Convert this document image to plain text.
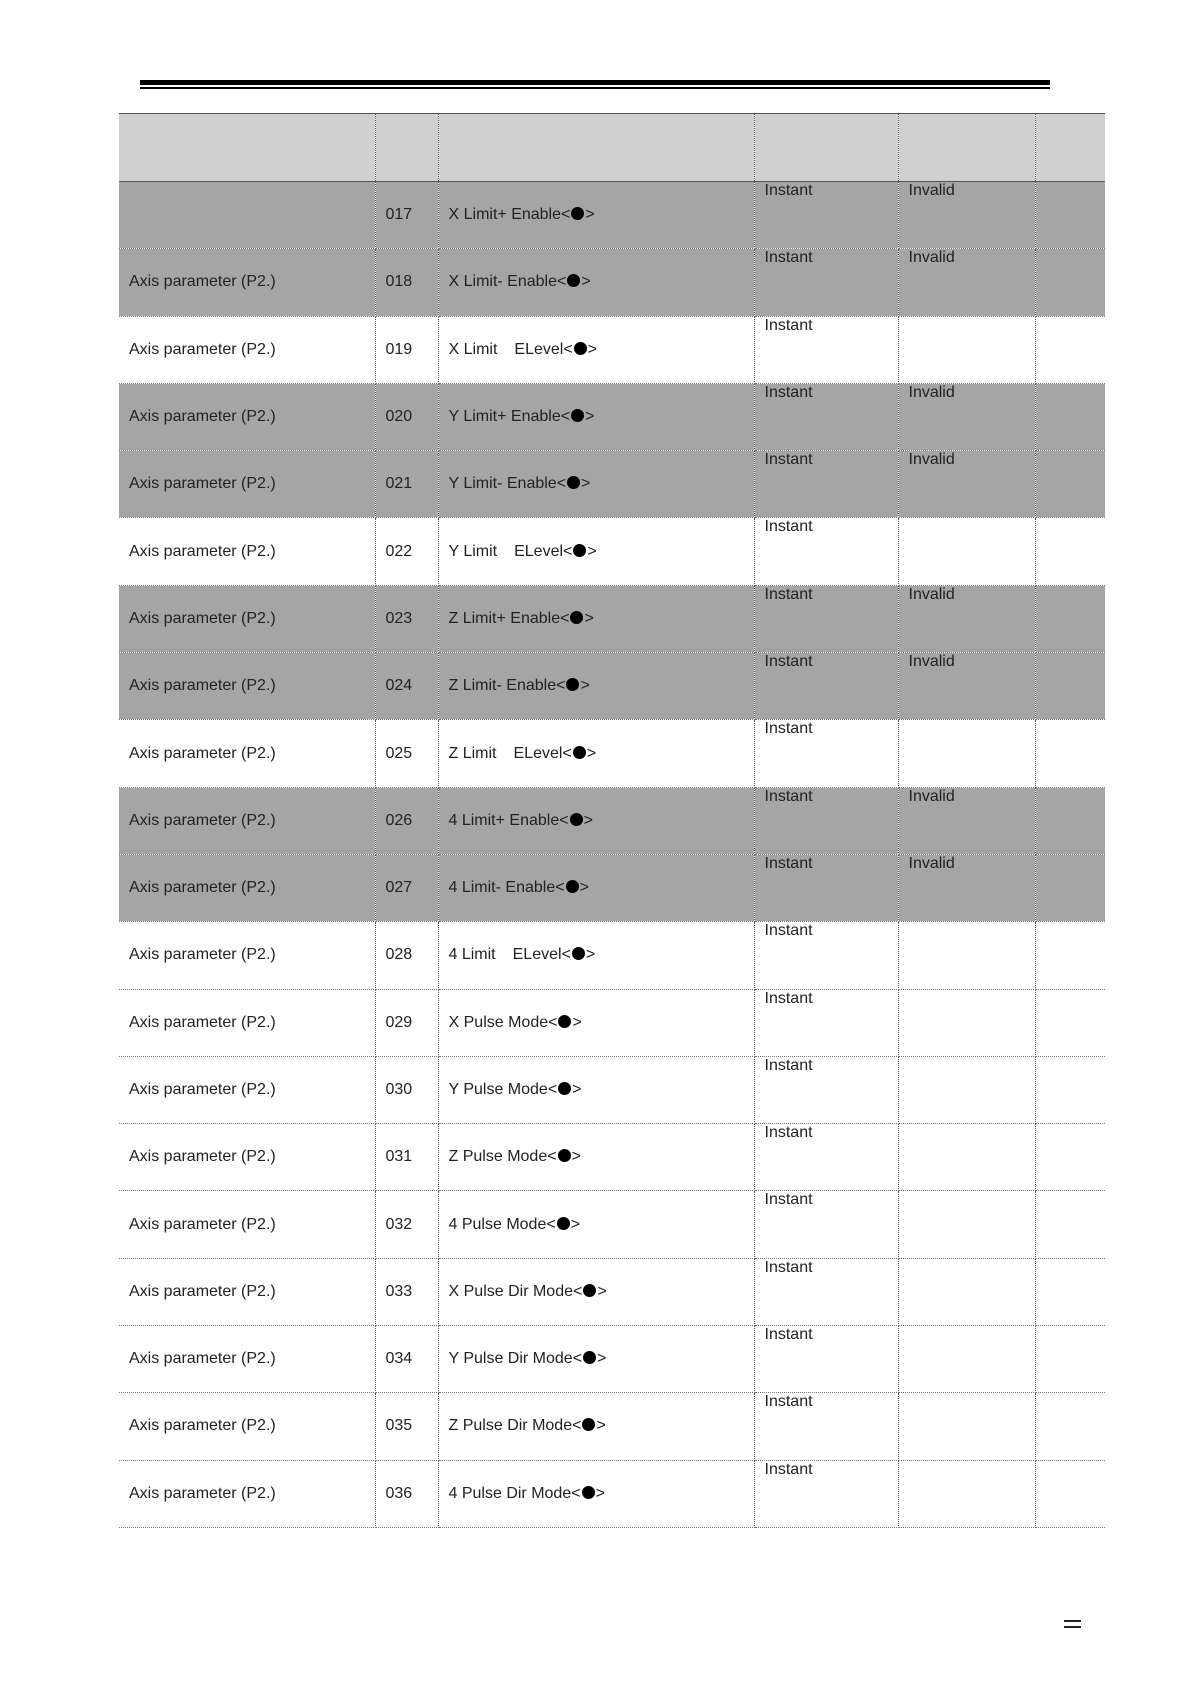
	017	X Limit+ Enable< >	Instant	Invalid	
Axis parameter (P2.)	018	X Limit- Enable< >	Instant	Invalid	
Axis parameter (P2.)	019	X Limit ELevel< >	Instant		
Axis parameter (P2.)	020	Y Limit+ Enable< >	Instant	Invalid	
Axis parameter (P2.)	021	Y Limit- Enable< >	Instant	Invalid	
Axis parameter (P2.)	022	Y Limit ELevel< >	Instant		
Axis parameter (P2.)	023	Z Limit+ Enable< >	Instant	Invalid	
Axis parameter (P2.)	024	Z Limit- Enable< >	Instant	Invalid	
Axis parameter (P2.)	025	Z Limit ELevel< >	Instant		
Axis parameter (P2.)	026	4 Limit+ Enable< >	Instant	Invalid	
Axis parameter (P2.)	027	4 Limit- Enable< >	Instant	Invalid	
Axis parameter (P2.)	028	4 Limit ELevel< >	Instant		
Axis parameter (P2.)	029	X Pulse Mode< >	Instant		
Axis parameter (P2.)	030	Y Pulse Mode< >	Instant		
Axis parameter (P2.)	031	Z Pulse Mode< >	Instant		
Axis parameter (P2.)	032	4 Pulse Mode< >	Instant		
Axis parameter (P2.)	033	X Pulse Dir Mode< >	Instant		
Axis parameter (P2.)	034	Y Pulse Dir Mode< >	Instant		
Axis parameter (P2.)	035	Z Pulse Dir Mode< >	Instant		
Axis parameter (P2.)	036	4 Pulse Dir Mode< >	Instant		
